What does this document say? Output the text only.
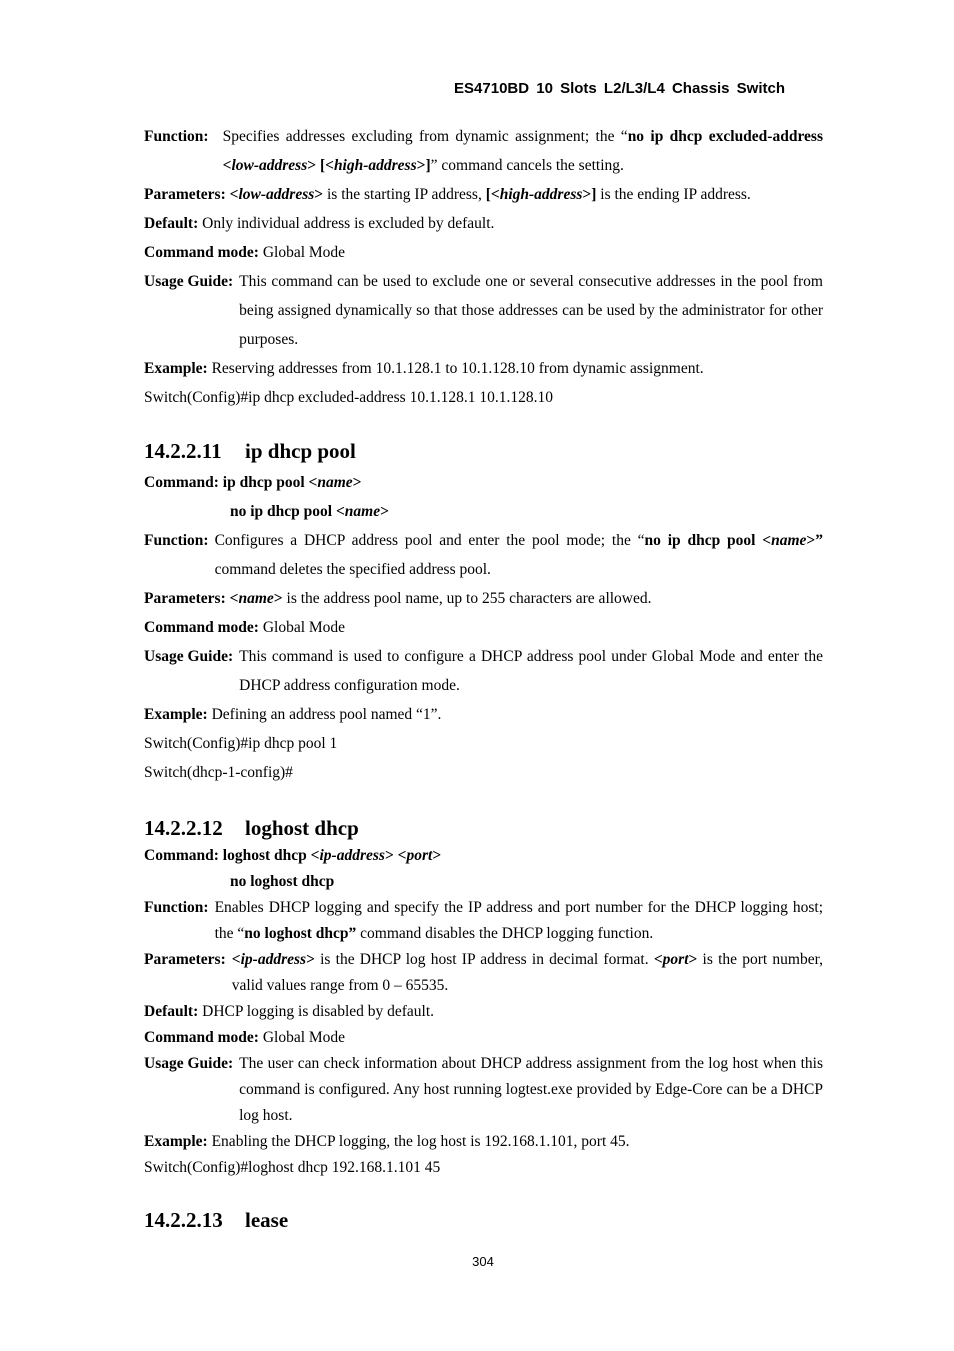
ES4710BD 10 Slots L2/L3/L4 Chassis Switch
Function: Specifies addresses excluding from dynamic assignment; the “no ip dhcp excluded-address <low-address> [<high-address>]” command cancels the setting.

Parameters: <low-address> is the starting IP address, [<high-address>] is the ending IP address.

Default: Only individual address is excluded by default.

Command mode: Global Mode

Usage Guide: This command can be used to exclude one or several consecutive addresses in the pool from being assigned dynamically so that those addresses can be used by the administrator for other purposes.

Example: Reserving addresses from 10.1.128.1 to 10.1.128.10 from dynamic assignment.

Switch(Config)#ip dhcp excluded-address 10.1.128.1 10.1.128.10

14.2.2.11 ip dhcp pool

Command: ip dhcp pool <name>

no ip dhcp pool <name>

Function: Configures a DHCP address pool and enter the pool mode; the “no ip dhcp pool <name>” command deletes the specified address pool.

Parameters: <name> is the address pool name, up to 255 characters are allowed.

Command mode: Global Mode

Usage Guide: This command is used to configure a DHCP address pool under Global Mode and enter the DHCP address configuration mode.

Example: Defining an address pool named “1”.

Switch(Config)#ip dhcp pool 1

Switch(dhcp-1-config)#

14.2.2.12 loghost dhcp

Command: loghost dhcp <ip-address> <port>

no loghost dhcp

Function: Enables DHCP logging and specify the IP address and port number for the DHCP logging host; the “no loghost dhcp” command disables the DHCP logging function.
Parameters: <ip-address> is the DHCP log host IP address in decimal format. <port> is the port number, valid values range from 0 – 65535.

Default: DHCP logging is disabled by default.

Command mode: Global Mode

Usage Guide: The user can check information about DHCP address assignment from the log host when this command is configured. Any host running logtest.exe provided by Edge-Core can be a DHCP log host.

Example: Enabling the DHCP logging, the log host is 192.168.1.101, port 45.

Switch(Config)#loghost dhcp 192.168.1.101 45

14.2.2.13 lease

304
